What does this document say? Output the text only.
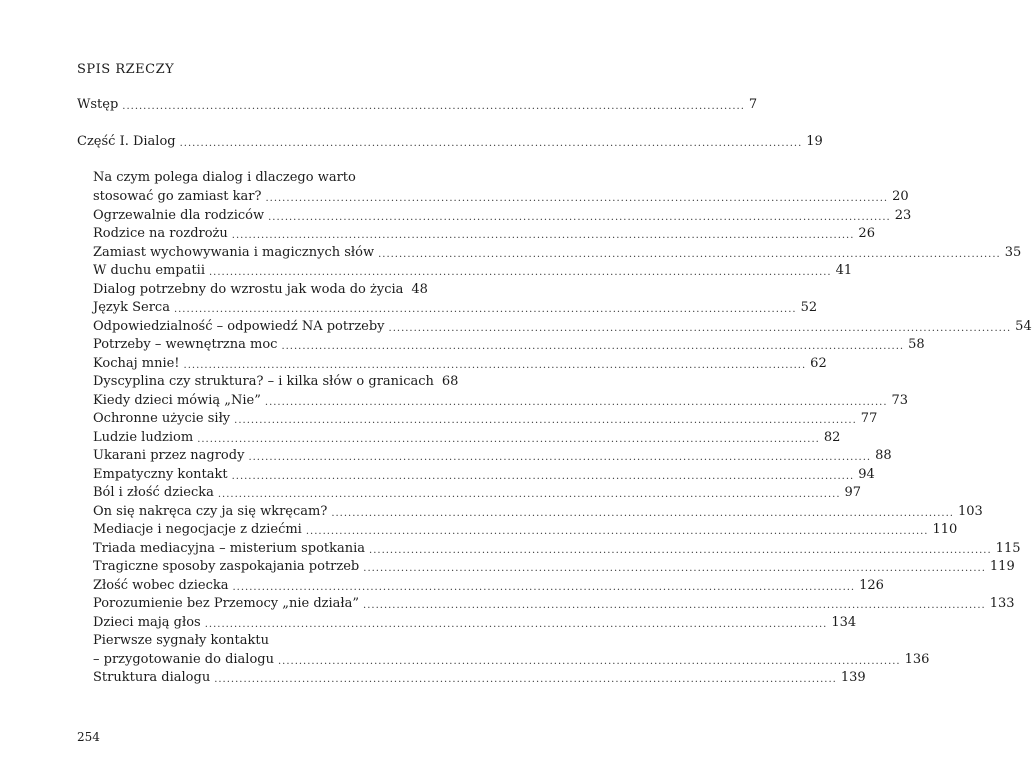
SPIS RZECZY
Wstęp ..................................................................................................................................................... 7
Część I. Dialog ..................................................................................................................................................... 19
Na czym polega dialog i dlaczego warto
stosować go zamiast kar? ..................................................................................................................................................... 20
Ogrzewalnie dla rodziców ..................................................................................................................................................... 23
Rodzice na rozdrożu ..................................................................................................................................................... 26
Zamiast wychowywania i magicznych słów ..................................................................................................................................................... 35
W duchu empatii ..................................................................................................................................................... 41
Dialog potrzebny do wzrostu jak woda do życia 48
Język Serca ..................................................................................................................................................... 52
Odpowiedzialność – odpowiedź NA potrzeby ..................................................................................................................................................... 54
Potrzeby – wewnętrzna moc ..................................................................................................................................................... 58
Kochaj mnie! ..................................................................................................................................................... 62
Dyscyplina czy struktura? – i kilka słów o granicach 68
Kiedy dzieci mówią „Nie” ..................................................................................................................................................... 73
Ochronne użycie siły ..................................................................................................................................................... 77
Ludzie ludziom ..................................................................................................................................................... 82
Ukarani przez nagrody ..................................................................................................................................................... 88
Empatyczny kontakt ..................................................................................................................................................... 94
Ból i złość dziecka ..................................................................................................................................................... 97
On się nakręca czy ja się wkręcam? ..................................................................................................................................................... 103
Mediacje i negocjacje z dziećmi ..................................................................................................................................................... 110
Triada mediacyjna – misterium spotkania ..................................................................................................................................................... 115
Tragiczne sposoby zaspokajania potrzeb ..................................................................................................................................................... 119
Złość wobec dziecka ..................................................................................................................................................... 126
Porozumienie bez Przemocy „nie działa” ..................................................................................................................................................... 133
Dzieci mają głos ..................................................................................................................................................... 134
Pierwsze sygnały kontaktu
– przygotowanie do dialogu ..................................................................................................................................................... 136
Struktura dialogu ..................................................................................................................................................... 139
254
